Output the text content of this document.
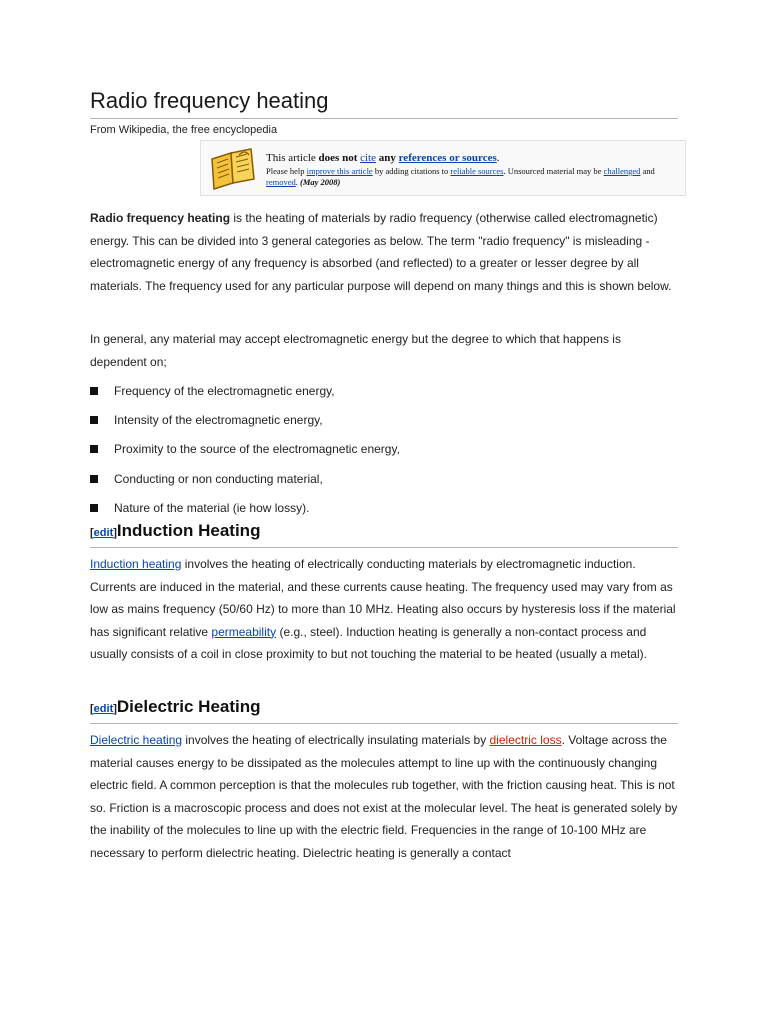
Radio frequency heating
From Wikipedia, the free encyclopedia
This article does not cite any references or sources.
Please help improve this article by adding citations to reliable sources. Unsourced material may be challenged and removed. (May 2008)

Radio frequency heating is the heating of materials by radio frequency (otherwise called electromagnetic) energy. This can be divided into 3 general categories as below. The term "radio frequency" is misleading - electromagnetic energy of any frequency is absorbed (and reflected) to a greater or lesser degree by all materials. The frequency used for any particular purpose will depend on many things and this is shown below.

In general, any material may accept electromagnetic energy but the degree to which that happens is dependent on;

Frequency of the electromagnetic energy,
Intensity of the electromagnetic energy,
Proximity to the source of the electromagnetic energy,
Conducting or non conducting material,
Nature of the material (ie how lossy).
[edit]Induction Heating

Induction heating involves the heating of electrically conducting materials by electromagnetic induction. Currents are induced in the material, and these currents cause heating. The frequency used may vary from as low as mains frequency (50/60 Hz) to more than 10 MHz. Heating also occurs by hysteresis loss if the material has significant relative permeability (e.g., steel). Induction heating is generally a non-contact process and usually consists of a coil in close proximity to but not touching the material to be heated (usually a metal).

[edit]Dielectric Heating

Dielectric heating involves the heating of electrically insulating materials by dielectric loss. Voltage across the material causes energy to be dissipated as the molecules attempt to line up with the continuously changing electric field. A common perception is that the molecules rub together, with the friction causing heat. This is not so. Friction is a macroscopic process and does not exist at the molecular level. The heat is generated solely by the inability of the molecules to line up with the electric field. Frequencies in the range of 10-100 MHz are necessary to perform dielectric heating. Dielectric heating is generally a contact
